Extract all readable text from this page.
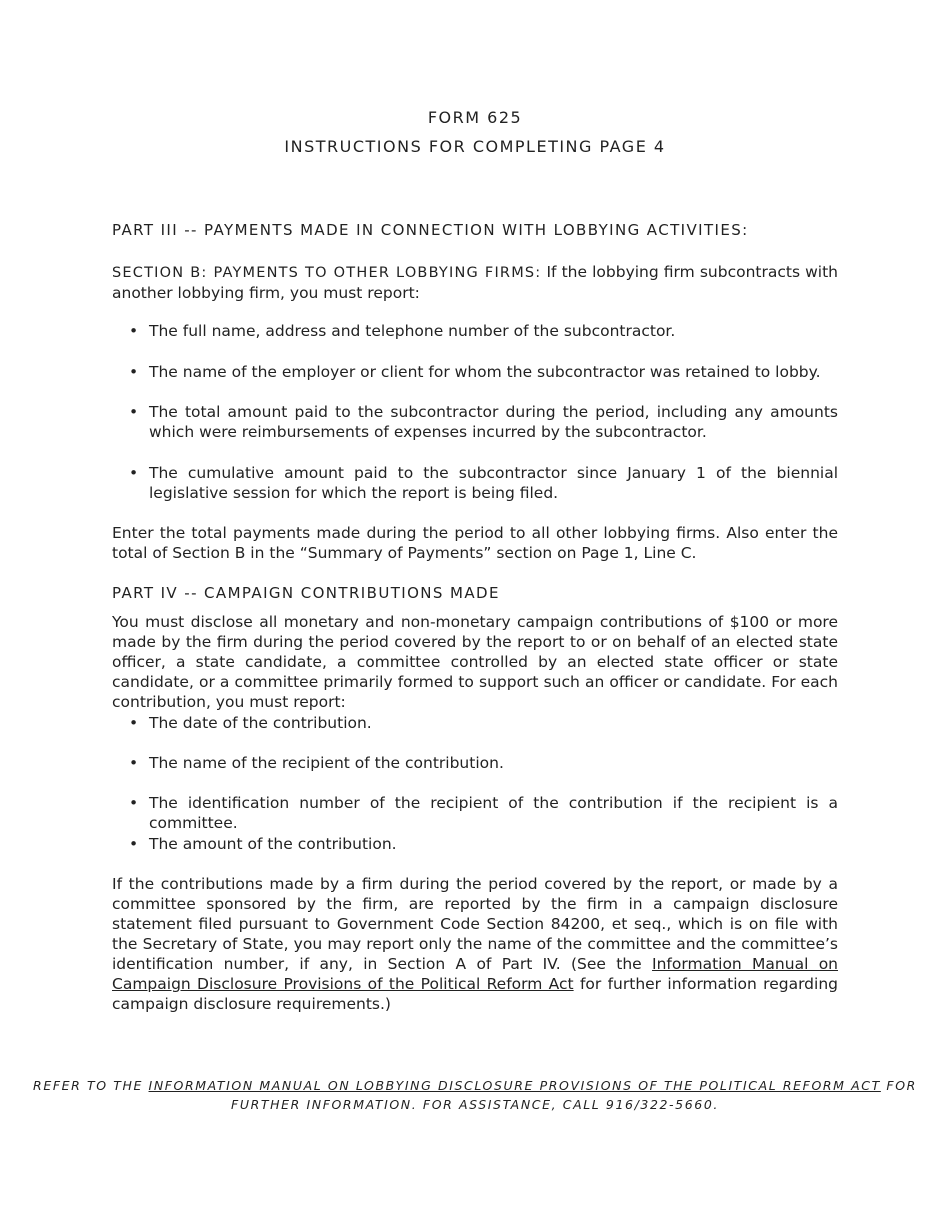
FORM 625
INSTRUCTIONS FOR COMPLETING PAGE 4
PART III -- PAYMENTS MADE IN CONNECTION WITH LOBBYING ACTIVITIES:
SECTION B: PAYMENTS TO OTHER LOBBYING FIRMS: If the lobbying firm subcontracts with another lobbying firm, you must report:
• The full name, address and telephone number of the subcontractor.
• The name of the employer or client for whom the subcontractor was retained to lobby.
• The total amount paid to the subcontractor during the period, including any amounts which were reimbursements of expenses incurred by the subcontractor.
• The cumulative amount paid to the subcontractor since January 1 of the biennial legislative session for which the report is being filed.
Enter the total payments made during the period to all other lobbying firms. Also enter the total of Section B in the “Summary of Payments” section on Page 1, Line C.
PART IV -- CAMPAIGN CONTRIBUTIONS MADE
You must disclose all monetary and non-monetary campaign contributions of $100 or more made by the firm during the period covered by the report to or on behalf of an elected state officer, a state candidate, a committee controlled by an elected state officer or state candidate, or a committee primarily formed to support such an officer or candidate. For each contribution, you must report:
• The date of the contribution.
• The name of the recipient of the contribution.
• The identification number of the recipient of the contribution if the recipient is a committee.
• The amount of the contribution.
If the contributions made by a firm during the period covered by the report, or made by a committee sponsored by the firm, are reported by the firm in a campaign disclosure statement filed pursuant to Government Code Section 84200, et seq., which is on file with the Secretary of State, you may report only the name of the committee and the committee’s identification number, if any, in Section A of Part IV. (See the Information Manual on Campaign Disclosure Provisions of the Political Reform Act for further information regarding campaign disclosure requirements.)
REFER TO THE INFORMATION MANUAL ON LOBBYING DISCLOSURE PROVISIONS OF THE POLITICAL REFORM ACT FOR FURTHER INFORMATION. FOR ASSISTANCE, CALL 916/322-5660.
